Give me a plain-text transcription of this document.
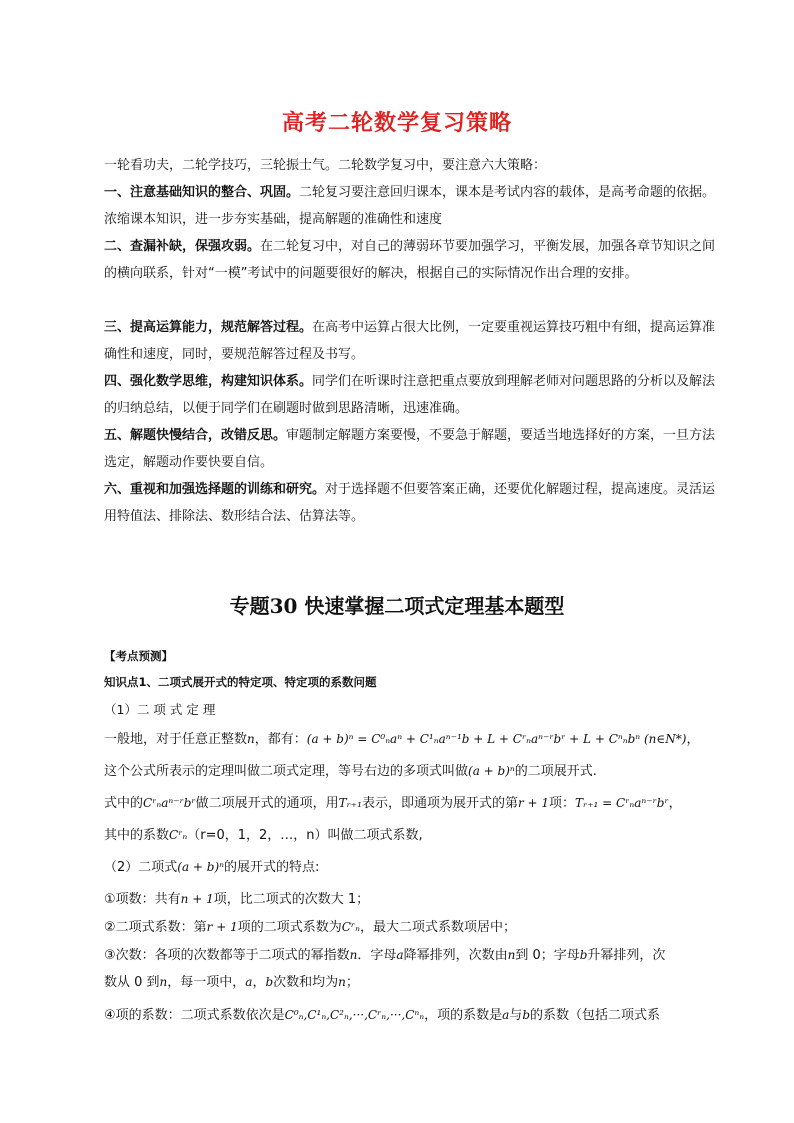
高考二轮数学复习策略

一轮看功夫，二轮学技巧，三轮振士气。二轮数学复习中，要注意六大策略：

一、注意基础知识的整合、巩固。二轮复习要注意回归课本，课本是考试内容的载体，是高考命题的依据。浓缩课本知识，进一步夯实基础，提高解题的准确性和速度

二、查漏补缺，保强攻弱。在二轮复习中，对自己的薄弱环节要加强学习，平衡发展，加强各章节知识之间的横向联系，针对“一模”考试中的问题要很好的解决，根据自己的实际情况作出合理的安排。

三、提高运算能力，规范解答过程。在高考中运算占很大比例，一定要重视运算技巧粗中有细，提高运算准确性和速度，同时，要规范解答过程及书写。

四、强化数学思维，构建知识体系。同学们在听课时注意把重点要放到理解老师对问题思路的分析以及解法的归纳总结，以便于同学们在刷题时做到思路清晰，迅速准确。

五、解题快慢结合，改错反思。审题制定解题方案要慢，不要急于解题，要适当地选择好的方案，一旦方法选定，解题动作要快要自信。

六、重视和加强选择题的训练和研究。对于选择题不但要答案正确，还要优化解题过程，提高速度。灵活运用特值法、排除法、数形结合法、估算法等。

专题30 快速掌握二项式定理基本题型
【考点预测】
知识点1、二项式展开式的特定项、特定项的系数问题
（1）二 项 式 定 理

一般地，对于任意正整数n，都有：(a + b)ⁿ = C⁰ₙaⁿ + C¹ₙaⁿ⁻¹b + L + Cʳₙaⁿ⁻ʳbʳ + L + Cⁿₙbⁿ (n∈N*)，

这个公式所表示的定理叫做二项式定理，等号右边的多项式叫做(a + b)ⁿ的二项展开式.

式中的Cʳₙaⁿ⁻ʳbʳ做二项展开式的通项，用Tᵣ₊₁表示，即通项为展开式的第r + 1项：Tᵣ₊₁ = Cʳₙaⁿ⁻ʳbʳ，

其中的系数Cʳₙ（r=0，1，2，…，n）叫做二项式系数,

（2）二项式(a + b)ⁿ的展开式的特点:

①项数：共有n + 1项，比二项式的次数大 1；

②二项式系数：第r + 1项的二项式系数为Cʳₙ，最大二项式系数项居中；

③次数：各项的次数都等于二项式的幂指数n．字母a降幂排列，次数由n到 0；字母b升幂排列，次
数从 0 到n，每一项中，a，b次数和均为n；

④项的系数：二项式系数依次是C⁰ₙ,C¹ₙ,C²ₙ,···,Cʳₙ,···,Cⁿₙ，项的系数是a与b的系数（包括二项式系
